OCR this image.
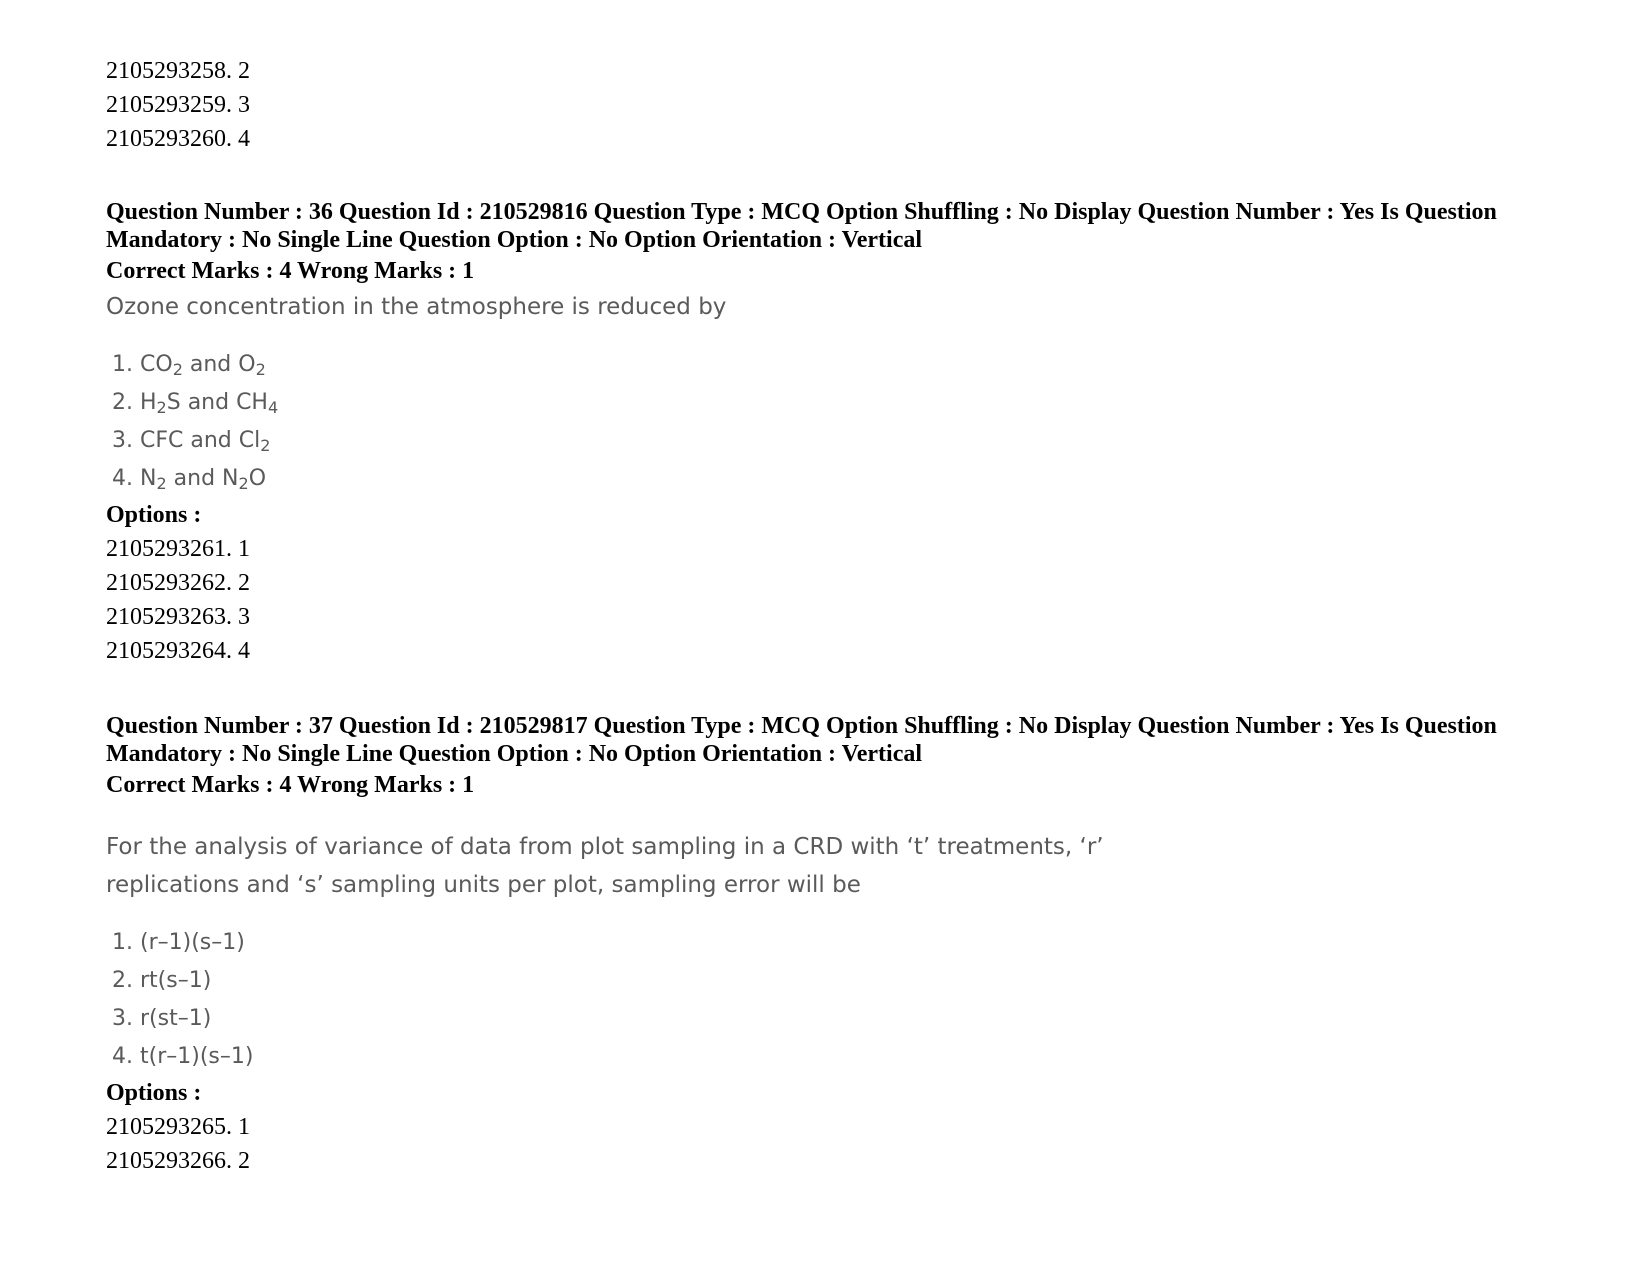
2105293258. 2
2105293259. 3
2105293260. 4
Question Number : 36 Question Id : 210529816 Question Type : MCQ Option Shuffling : No Display Question Number : Yes Is Question Mandatory : No Single Line Question Option : No Option Orientation : Vertical
Correct Marks : 4 Wrong Marks : 1
Ozone concentration in the atmosphere is reduced by
1. $CO_2$ and $O_2$
2. $H_2S$ and $CH_4$
3. CFC and $Cl_2$
4. $N_2$ and $N_2O$
Options :
2105293261. 1
2105293262. 2
2105293263. 3
2105293264. 4
Question Number : 37 Question Id : 210529817 Question Type : MCQ Option Shuffling : No Display Question Number : Yes Is Question Mandatory : No Single Line Question Option : No Option Orientation : Vertical
Correct Marks : 4 Wrong Marks : 1
For the analysis of variance of data from plot sampling in a CRD with ‘t’ treatments, ‘r’
replications and ‘s’ sampling units per plot, sampling error will be
1. (r–1)(s–1)
2. rt(s–1)
3. r(st–1)
4. t(r–1)(s–1)
Options :
2105293265. 1
2105293266. 2
